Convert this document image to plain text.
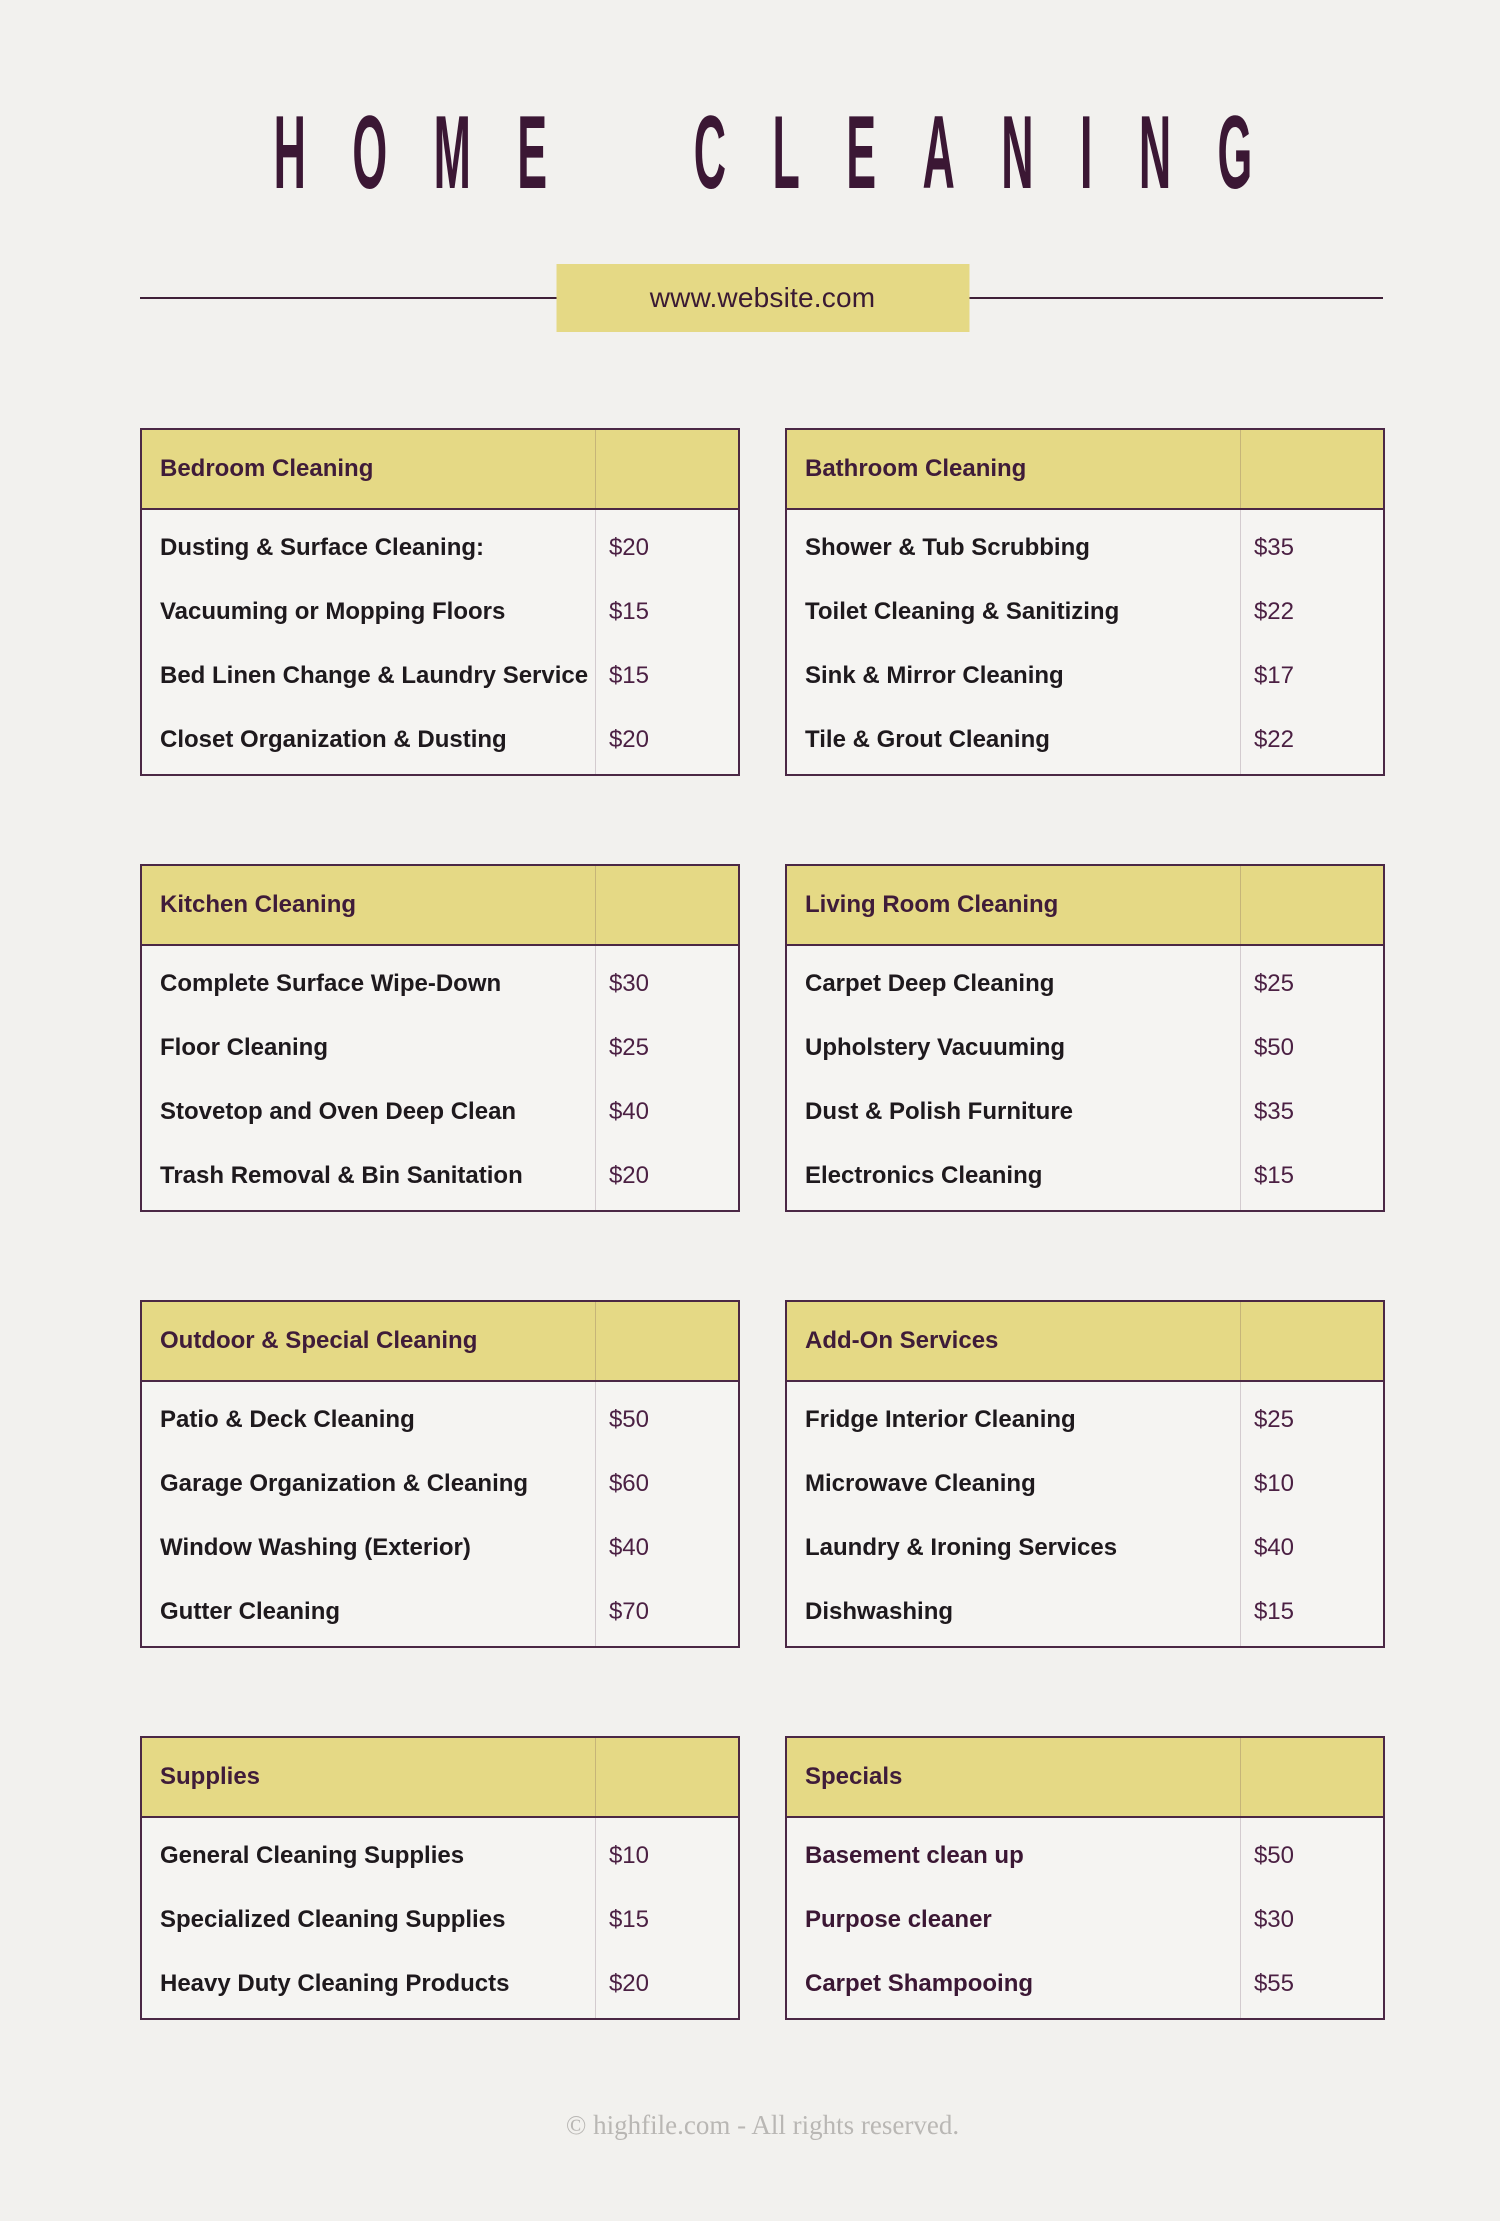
HOME CLEANING
www.website.com
Bedroom Cleaning
Dusting & Surface Cleaning:	$20
Vacuuming or Mopping Floors	$15
Bed Linen Change & Laundry Service $15
Closet Organization & Dusting	$20
Bathroom Cleaning
Shower & Tub Scrubbing	$35
Toilet Cleaning & Sanitizing	$22
Sink & Mirror Cleaning	$17
Tile & Grout Cleaning	$22
Kitchen Cleaning
Complete Surface Wipe-Down	$30
Floor Cleaning	$25
Stovetop and Oven Deep Clean	$40
Trash Removal & Bin Sanitation	$20
Living Room Cleaning
Carpet Deep Cleaning	$25
Upholstery Vacuuming	$50
Dust & Polish Furniture	$35
Electronics Cleaning	$15
Outdoor & Special Cleaning
Patio & Deck Cleaning	$50
Garage Organization & Cleaning	$60
Window Washing (Exterior)	$40
Gutter Cleaning	$70
Add-On Services
Fridge Interior Cleaning	$25
Microwave Cleaning	$10
Laundry & Ironing Services	$40
Dishwashing	$15
Supplies
General Cleaning Supplies	$10
Specialized Cleaning Supplies	$15
Heavy Duty Cleaning Products	$20
Specials
Basement clean up	$50
Purpose cleaner	$30
Carpet Shampooing	$55
© highfile.com - All rights reserved.
